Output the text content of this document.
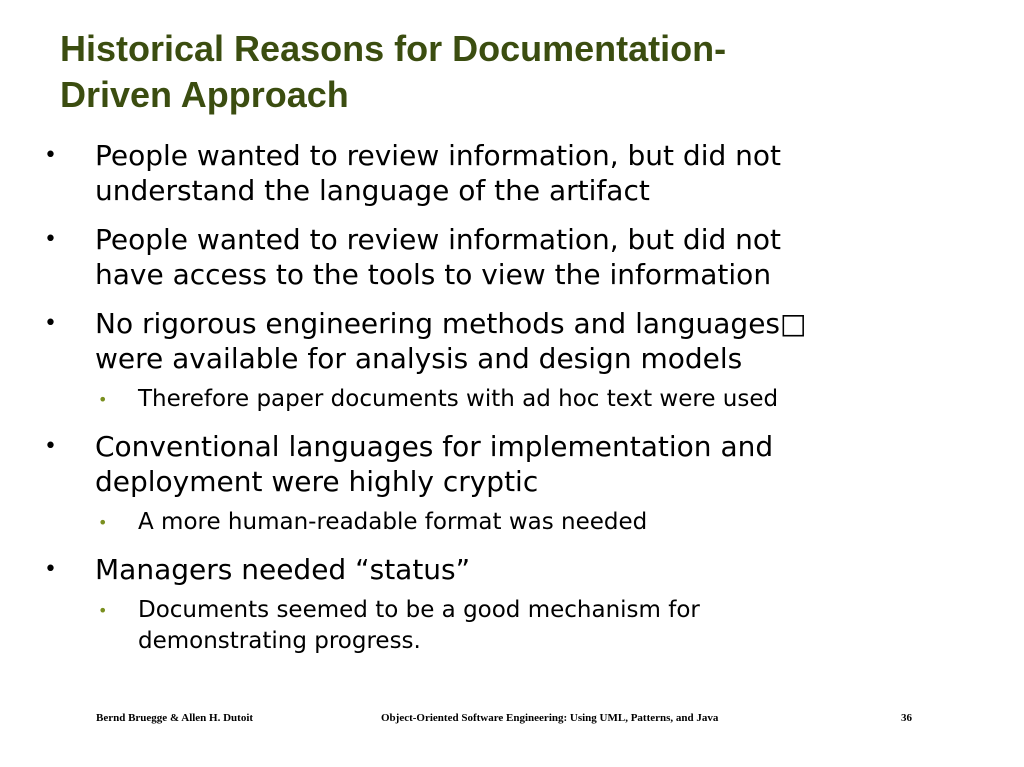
Historical Reasons for Documentation-
Driven Approach
• People wanted to review information, but did not
understand the language of the artifact
• People wanted to review information, but did not
have access to the tools to view the information
• No rigorous engineering methods and languages□
were available for analysis and design models
• Therefore paper documents with ad hoc text were used
• Conventional languages for implementation and
deployment were highly cryptic
• A more human-readable format was needed
• Managers needed “status”
• Documents seemed to be a good mechanism for
demonstrating progress.
Bernd Bruegge & Allen H. Dutoit	Object-Oriented Software Engineering: Using UML, Patterns, and Java	36
